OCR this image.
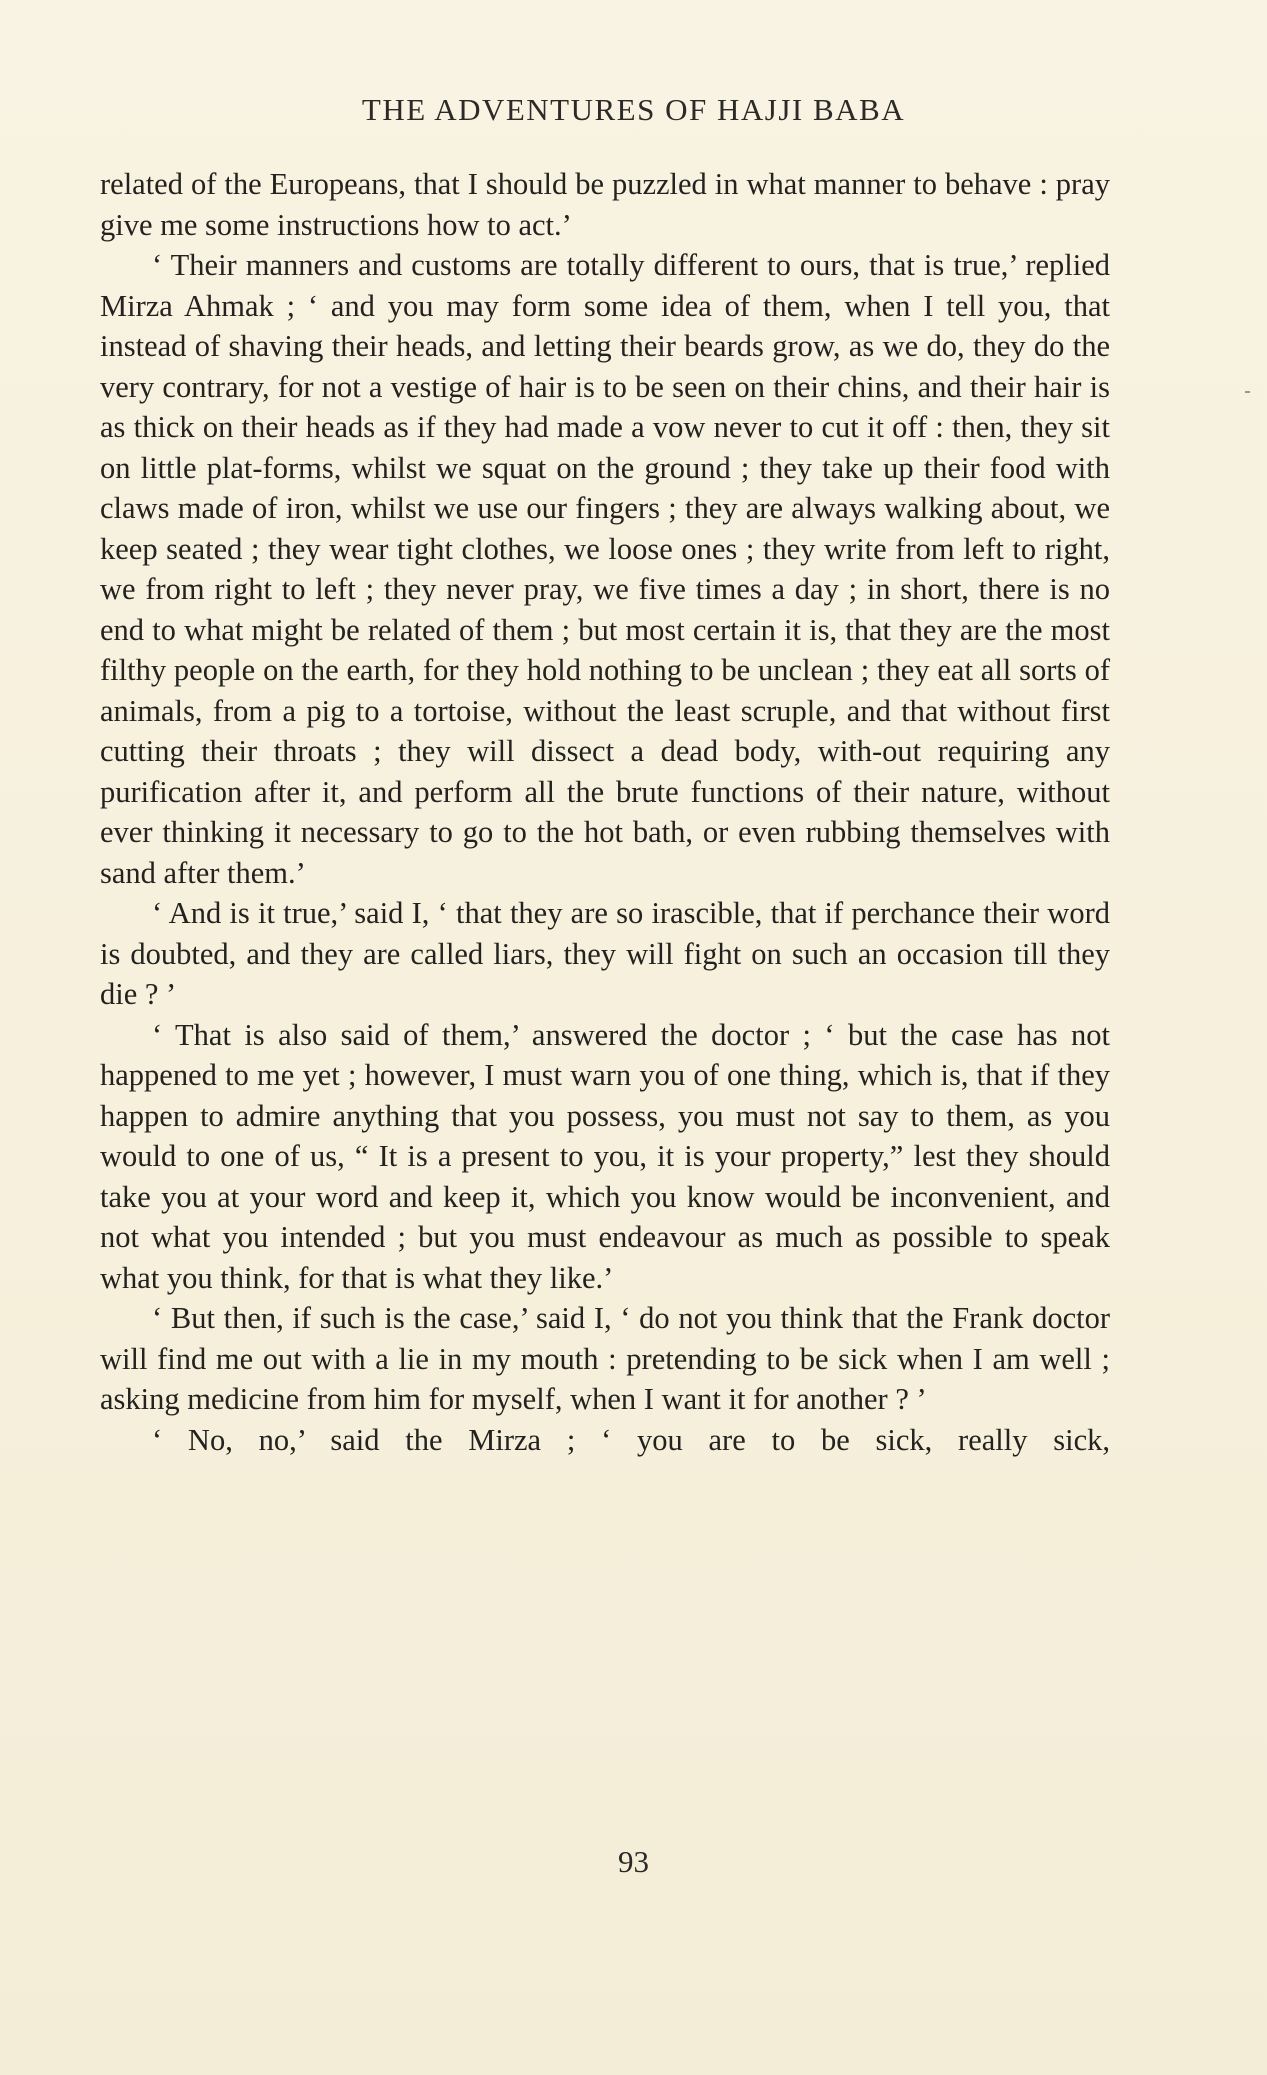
THE ADVENTURES OF HAJJI BABA

related of the Europeans, that I should be puzzled in what manner to behave : pray give me some instructions how to act.’

‘ Their manners and customs are totally different to ours, that is true,’ replied Mirza Ahmak ; ‘ and you may form some idea of them, when I tell you, that instead of shaving their heads, and letting their beards grow, as we do, they do the very contrary, for not a vestige of hair is to be seen on their chins, and their hair is as thick on their heads as if they had made a vow never to cut it off : then, they sit on little plat-forms, whilst we squat on the ground ; they take up their food with claws made of iron, whilst we use our fingers ; they are always walking about, we keep seated ; they wear tight clothes, we loose ones ; they write from left to right, we from right to left ; they never pray, we five times a day ; in short, there is no end to what might be related of them ; but most certain it is, that they are the most filthy people on the earth, for they hold nothing to be unclean ; they eat all sorts of animals, from a pig to a tortoise, without the least scruple, and that without first cutting their throats ; they will dissect a dead body, with-out requiring any purification after it, and perform all the brute functions of their nature, without ever thinking it necessary to go to the hot bath, or even rubbing themselves with sand after them.’

‘ And is it true,’ said I, ‘ that they are so irascible, that if perchance their word is doubted, and they are called liars, they will fight on such an occasion till they die ? ’

‘ That is also said of them,’ answered the doctor ; ‘ but the case has not happened to me yet ; however, I must warn you of one thing, which is, that if they happen to admire anything that you possess, you must not say to them, as you would to one of us, “ It is a present to you, it is your property,” lest they should take you at your word and keep it, which you know would be inconvenient, and not what you intended ; but you must endeavour as much as possible to speak what you think, for that is what they like.’

‘ But then, if such is the case,’ said I, ‘ do not you think that the Frank doctor will find me out with a lie in my mouth : pretending to be sick when I am well ; asking medicine from him for myself, when I want it for another ? ’

‘ No, no,’ said the Mirza ; ‘ you are to be sick, really sick,

93
